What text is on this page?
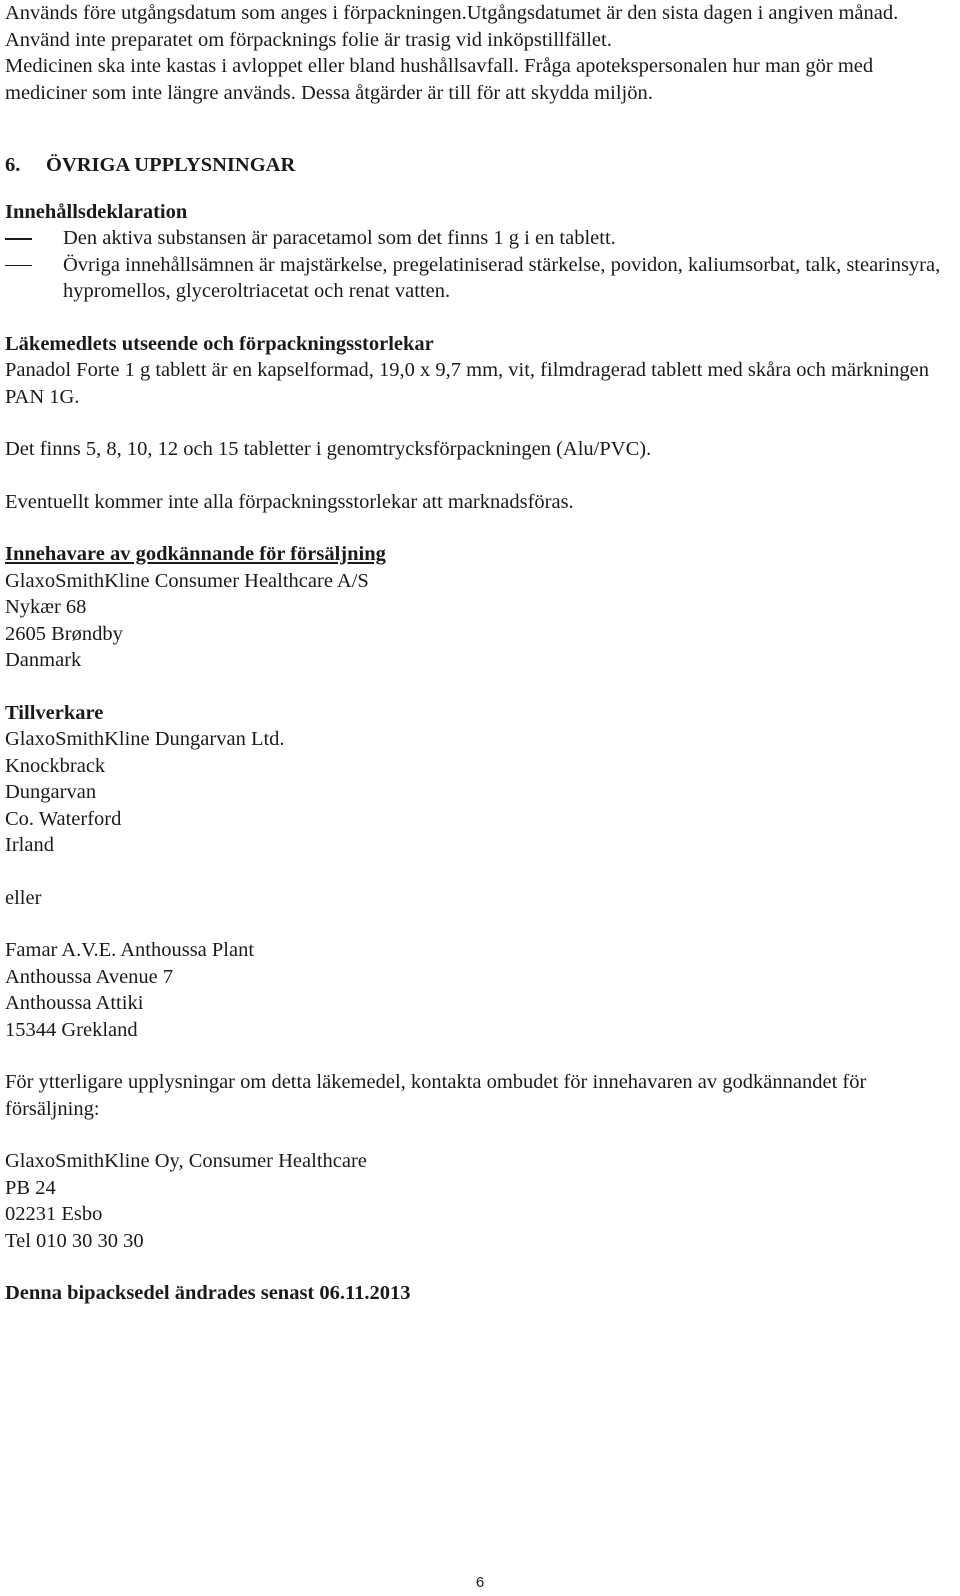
Används före utgångsdatum som anges i förpackningen.Utgångsdatumet är den sista dagen i angiven månad.

Använd inte preparatet om förpacknings folie är trasig vid inköpstillfället.

Medicinen ska inte kastas i avloppet eller bland hushållsavfall. Fråga apotekspersonalen hur man gör med mediciner som inte längre används. Dessa åtgärder är till för att skydda miljön.

6.     ÖVRIGA UPPLYSNINGAR

Innehållsdeklaration

Den aktiva substansen är paracetamol som det finns 1 g i en tablett.
Övriga innehållsämnen är majstärkelse, pregelatiniserad stärkelse, povidon, kaliumsorbat, talk, stearinsyra, hypromellos, glyceroltriacetat och renat vatten.

Läkemedlets utseende och förpackningsstorlekar

Panadol Forte 1 g tablett är en kapselformad, 19,0 x 9,7 mm, vit, filmdragerad tablett med skåra och märkningen PAN 1G.

Det finns 5, 8, 10, 12 och 15 tabletter i genomtrycksförpackningen (Alu/PVC).

Eventuellt kommer inte alla förpackningsstorlekar att marknadsföras.

Innehavare av godkännande för försäljning

GlaxoSmithKline Consumer Healthcare A/S

Nykær 68

2605 Brøndby

Danmark

Tillverkare

GlaxoSmithKline Dungarvan Ltd.

Knockbrack

Dungarvan

Co. Waterford

Irland

eller

Famar A.V.E. Anthoussa Plant

Anthoussa Avenue 7

Anthoussa Attiki

15344 Grekland

För ytterligare upplysningar om detta läkemedel, kontakta ombudet för innehavaren av godkännandet för försäljning:

GlaxoSmithKline Oy, Consumer Healthcare

PB 24

02231 Esbo

Tel 010 30 30 30

Denna bipacksedel ändrades senast 06.11.2013

6
